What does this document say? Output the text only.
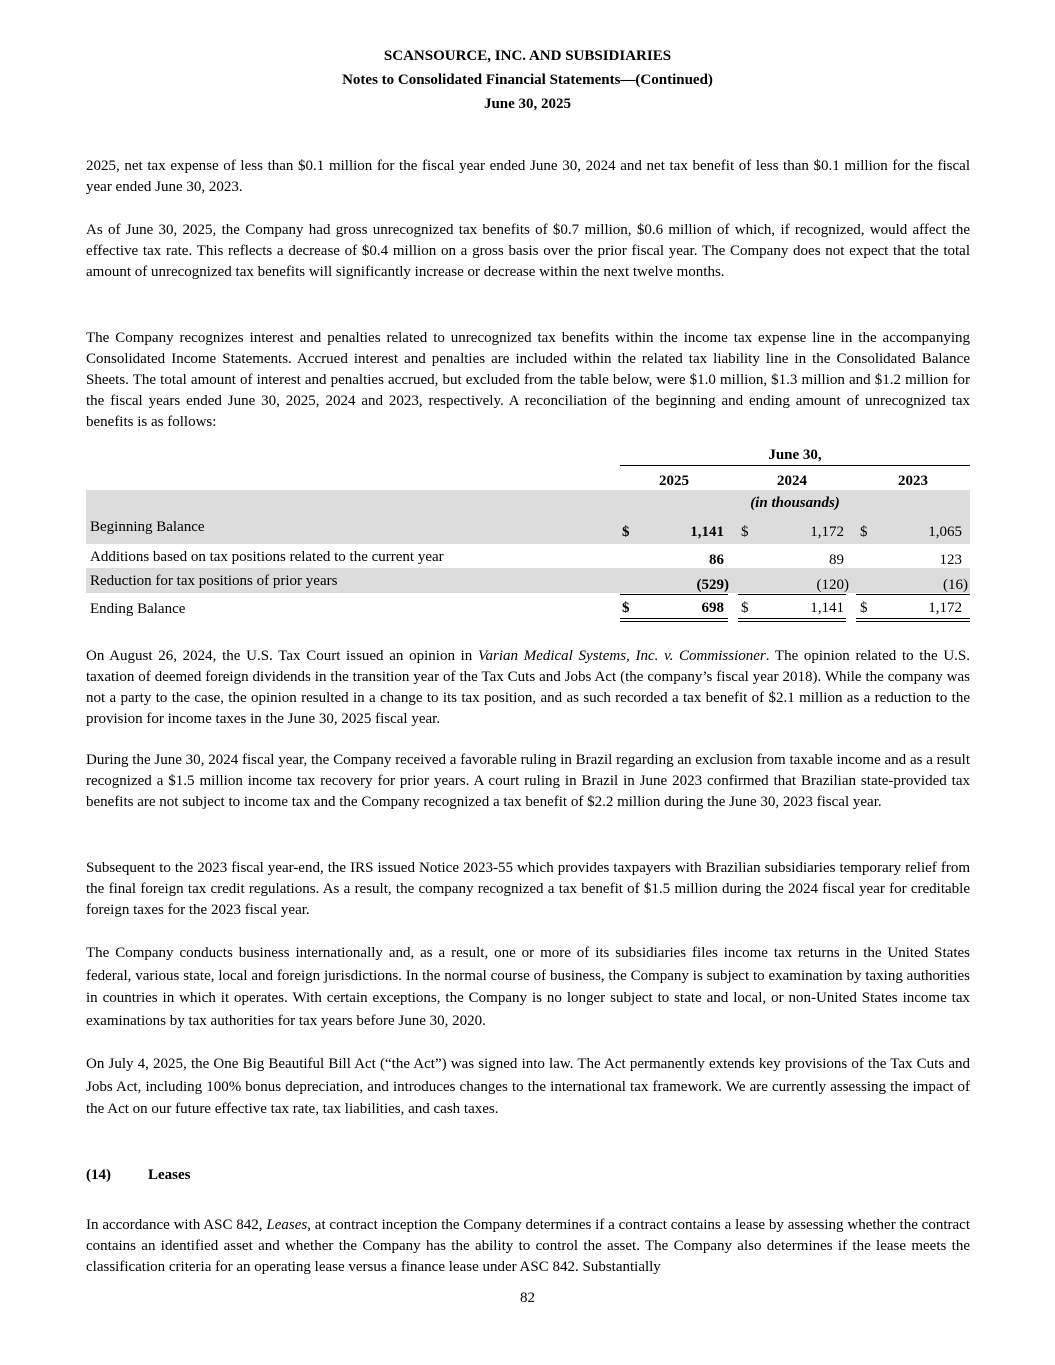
SCANSOURCE, INC. AND SUBSIDIARIES
Notes to Consolidated Financial Statements—(Continued)
June 30, 2025

2025, net tax expense of less than $0.1 million for the fiscal year ended June 30, 2024 and net tax benefit of less than $0.1 million for the fiscal year ended June 30, 2023.

As of June 30, 2025, the Company had gross unrecognized tax benefits of $0.7 million, $0.6 million of which, if recognized, would affect the effective tax rate. This reflects a decrease of $0.4 million on a gross basis over the prior fiscal year. The Company does not expect that the total amount of unrecognized tax benefits will significantly increase or decrease within the next twelve months.

The Company recognizes interest and penalties related to unrecognized tax benefits within the income tax expense line in the accompanying Consolidated Income Statements. Accrued interest and penalties are included within the related tax liability line in the Consolidated Balance Sheets. The total amount of interest and penalties accrued, but excluded from the table below, were $1.0 million, $1.3 million and $1.2 million for the fiscal years ended June 30, 2025, 2024 and 2023, respectively. A reconciliation of the beginning and ending amount of unrecognized tax benefits is as follows:

June 30,
2025	2024	2023
(in thousands)
Beginning Balance	$	1,141 $	1,172 $	1,065
Additions based on tax positions related to the current year	86	89	123
Reduction for tax positions of prior years	(529)	(120)	(16)
Ending Balance	$	698 $	1,141 $	1,172

On August 26, 2024, the U.S. Tax Court issued an opinion in Varian Medical Systems, Inc. v. Commissioner. The opinion related to the U.S. taxation of deemed foreign dividends in the transition year of the Tax Cuts and Jobs Act (the company’s fiscal year 2018). While the company was not a party to the case, the opinion resulted in a change to its tax position, and as such recorded a tax benefit of $2.1 million as a reduction to the provision for income taxes in the June 30, 2025 fiscal year.

During the June 30, 2024 fiscal year, the Company received a favorable ruling in Brazil regarding an exclusion from taxable income and as a result recognized a $1.5 million income tax recovery for prior years. A court ruling in Brazil in June 2023 confirmed that Brazilian state-provided tax benefits are not subject to income tax and the Company recognized a tax benefit of $2.2 million during the June 30, 2023 fiscal year.

Subsequent to the 2023 fiscal year-end, the IRS issued Notice 2023-55 which provides taxpayers with Brazilian subsidiaries temporary relief from the final foreign tax credit regulations. As a result, the company recognized a tax benefit of $1.5 million during the 2024 fiscal year for creditable foreign taxes for the 2023 fiscal year.

The Company conducts business internationally and, as a result, one or more of its subsidiaries files income tax returns in the United States federal, various state, local and foreign jurisdictions. In the normal course of business, the Company is subject to examination by taxing authorities in countries in which it operates. With certain exceptions, the Company is no longer subject to state and local, or non-United States income tax examinations by tax authorities for tax years before June 30, 2020.

On July 4, 2025, the One Big Beautiful Bill Act (“the Act”) was signed into law. The Act permanently extends key provisions of the Tax Cuts and Jobs Act, including 100% bonus depreciation, and introduces changes to the international tax framework. We are currently assessing the impact of the Act on our future effective tax rate, tax liabilities, and cash taxes.

(14) Leases

In accordance with ASC 842, Leases, at contract inception the Company determines if a contract contains a lease by assessing whether the contract contains an identified asset and whether the Company has the ability to control the asset. The Company also determines if the lease meets the classification criteria for an operating lease versus a finance lease under ASC 842. Substantially

82
